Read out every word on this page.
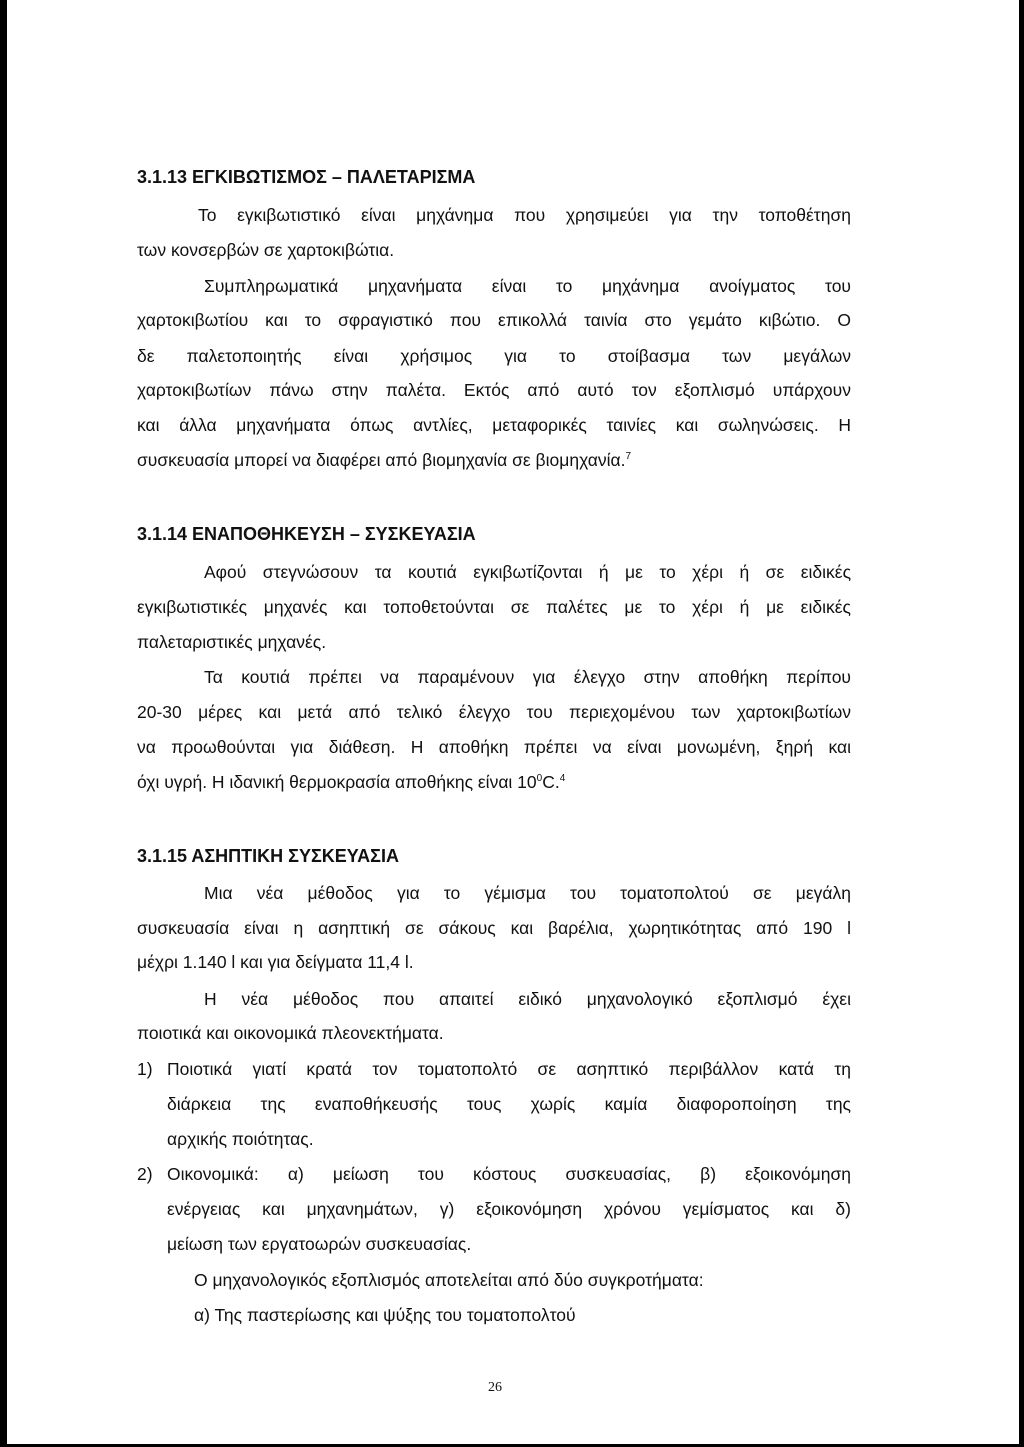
3.1.13 ΕΓΚΙΒΩΤΙΣΜΟΣ – ΠΑΛΕΤΑΡΙΣΜΑ
Το εγκιβωτιστικό είναι μηχάνημα που χρησιμεύει για την τοποθέτηση
των κονσερβών σε χαρτοκιβώτια.
Συμπληρωματικά μηχανήματα είναι το μηχάνημα ανοίγματος του
χαρτοκιβωτίου και το σφραγιστικό που επικολλά ταινία στο γεμάτο κιβώτιο. Ο
δε παλετοποιητής είναι χρήσιμος για το στοίβασμα των μεγάλων
χαρτοκιβωτίων πάνω στην παλέτα. Εκτός από αυτό τον εξοπλισμό υπάρχουν
και άλλα μηχανήματα όπως αντλίες, μεταφορικές ταινίες και σωληνώσεις. Η
συσκευασία μπορεί να διαφέρει από βιομηχανία σε βιομηχανία.$^7$
3.1.14 ΕΝΑΠΟΘΗΚΕΥΣΗ – ΣΥΣΚΕΥΑΣΙΑ
Αφού στεγνώσουν τα κουτιά εγκιβωτίζονται ή με το χέρι ή σε ειδικές
εγκιβωτιστικές μηχανές και τοποθετούνται σε παλέτες με το χέρι ή με ειδικές
παλεταριστικές μηχανές.
Τα κουτιά πρέπει να παραμένουν για έλεγχο στην αποθήκη περίπου
20-30 μέρες και μετά από τελικό έλεγχο του περιεχομένου των χαρτοκιβωτίων
να προωθούνται για διάθεση. Η αποθήκη πρέπει να είναι μονωμένη, ξηρή και
όχι υγρή. Η ιδανική θερμοκρασία αποθήκης είναι $10^0C.^4$
3.1.15 ΑΣΗΠΤΙΚΗ ΣΥΣΚΕΥΑΣΙΑ
Μια νέα μέθοδος για το γέμισμα του τοματοπολτού σε μεγάλη
συσκευασία είναι η ασηπτική σε σάκους και βαρέλια, χωρητικότητας από 190 l
μέχρι 1.140 l και για δείγματα 11,4 l.
Η νέα μέθοδος που απαιτεί ειδικό μηχανολογικό εξοπλισμό έχει
ποιοτικά και οικονομικά πλεονεκτήματα.
1) Ποιοτικά γιατί κρατά τον τοματοπολτό σε ασηπτικό περιβάλλον κατά τη
διάρκεια της εναποθήκευσής τους χωρίς καμία διαφοροποίηση της
αρχικής ποιότητας.
2) Οικονομικά: α) μείωση του κόστους συσκευασίας, β) εξοικονόμηση
ενέργειας και μηχανημάτων, γ) εξοικονόμηση χρόνου γεμίσματος και δ)
μείωση των εργατοωρών συσκευασίας.
Ο μηχανολογικός εξοπλισμός αποτελείται από δύο συγκροτήματα:
α) Της παστερίωσης και ψύξης του τοματοπολτού
26
